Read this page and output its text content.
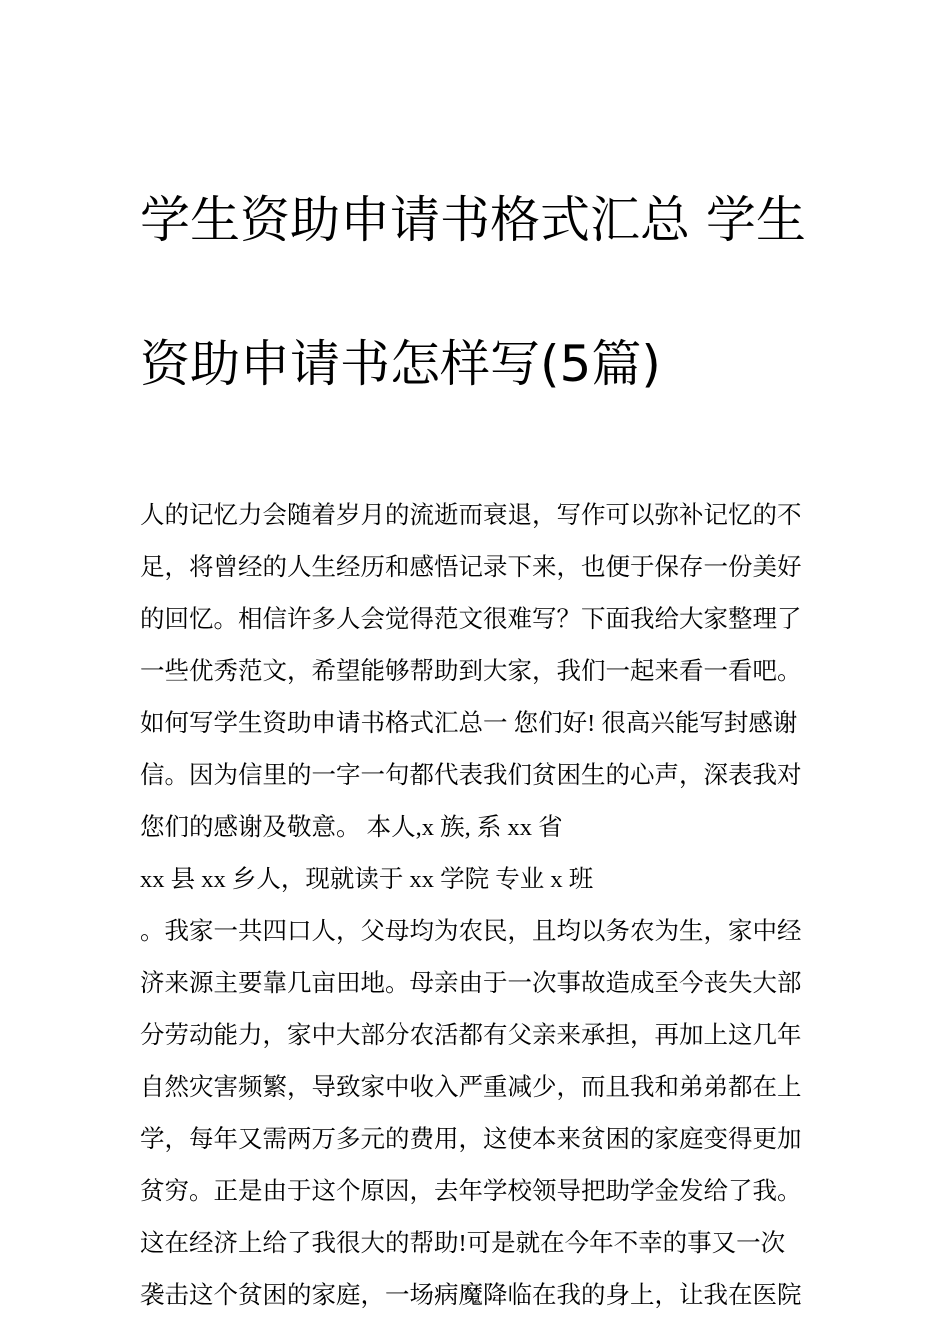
学生资助申请书格式汇总 学生

资助申请书怎样写(5篇)

人的记忆力会随着岁月的流逝而衰退，写作可以弥补记忆的不
足，将曾经的人生经历和感悟记录下来，也便于保存一份美好
的回忆。相信许多人会觉得范文很难写？下面我给大家整理了
一些优秀范文，希望能够帮助到大家，我们一起来看一看吧。
如何写学生资助申请书格式汇总一 您们好! 很高兴能写封感谢
信。因为信里的一字一句都代表我们贫困生的心声，深表我对
您们的感谢及敬意。 本人,x 族, 系 xx 省
xx 县 xx 乡人，现就读于 xx 学院 专业 x 班
。我家一共四口人，父母均为农民，且均以务农为生，家中经
济来源主要靠几亩田地。母亲由于一次事故造成至今丧失大部
分劳动能力，家中大部分农活都有父亲来承担，再加上这几年
自然灾害频繁，导致家中收入严重减少，而且我和弟弟都在上
学，每年又需两万多元的费用，这使本来贫困的家庭变得更加
贫穷。正是由于这个原因，去年学校领导把助学金发给了我。
这在经济上给了我很大的帮助!可是就在今年不幸的事又一次
袭击这个贫困的家庭，一场病魔降临在我的身上，让我在医院
